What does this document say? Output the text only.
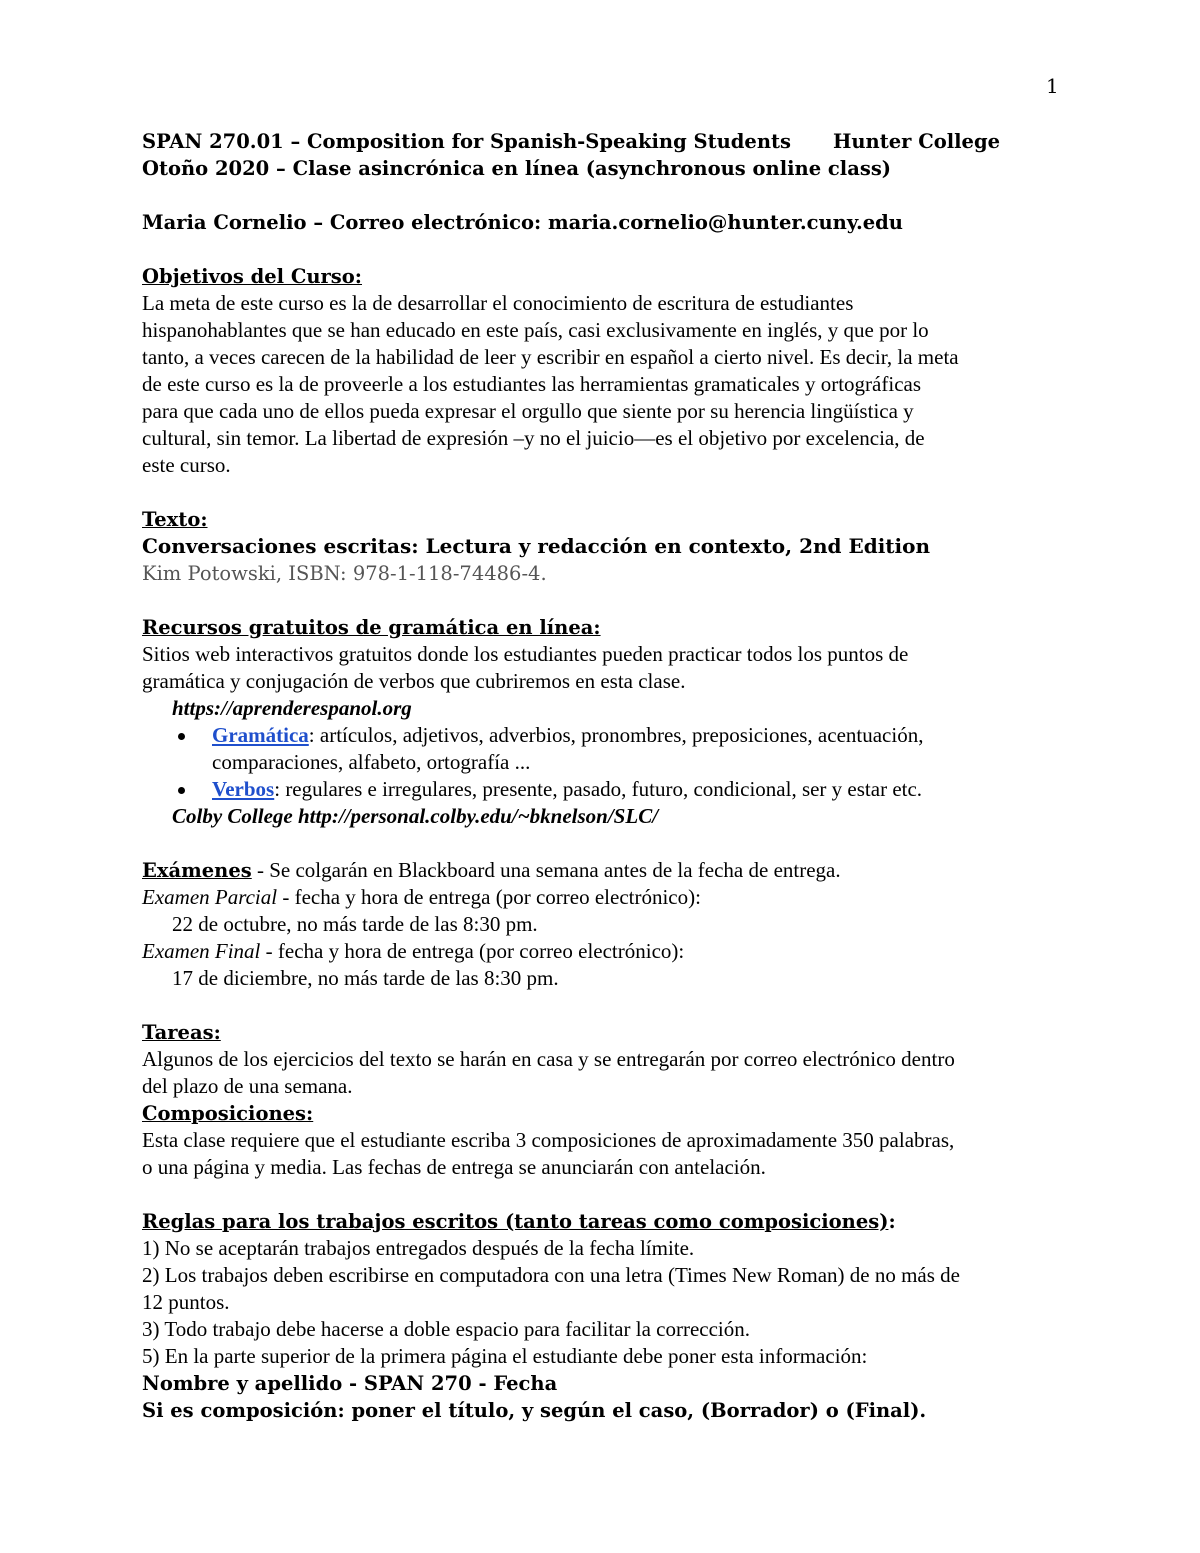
1
SPAN 270.01 – Composition for Spanish-Speaking Students Hunter College
Otoño 2020 – Clase asincrónica en línea (asynchronous online class)
Maria Cornelio – Correo electrónico: maria.cornelio@hunter.cuny.edu
Objetivos del Curso:
La meta de este curso es la de desarrollar el conocimiento de escritura de estudiantes
hispanohablantes que se han educado en este país, casi exclusivamente en inglés, y que por lo
tanto, a veces carecen de la habilidad de leer y escribir en español a cierto nivel. Es decir, la meta
de este curso es la de proveerle a los estudiantes las herramientas gramaticales y ortográficas
para que cada uno de ellos pueda expresar el orgullo que siente por su herencia lingüística y
cultural, sin temor. La libertad de expresión –y no el juicio—es el objetivo por excelencia, de
este curso.
Texto:
Conversaciones escritas: Lectura y redacción en contexto, 2nd Edition
Kim Potowski, ISBN: 978-1-118-74486-4.
Recursos gratuitos de gramática en línea:
Sitios web interactivos gratuitos donde los estudiantes pueden practicar todos los puntos de
gramática y conjugación de verbos que cubriremos en esta clase.
https://aprenderespanol.org
Gramática: artículos, adjetivos, adverbios, pronombres, preposiciones, acentuación,
comparaciones, alfabeto, ortografía ...
Verbos: regulares e irregulares, presente, pasado, futuro, condicional, ser y estar etc.
Colby College http://personal.colby.edu/~bknelson/SLC/
Exámenes - Se colgarán en Blackboard una semana antes de la fecha de entrega.
Examen Parcial - fecha y hora de entrega (por correo electrónico):
22 de octubre, no más tarde de las 8:30 pm.
Examen Final - fecha y hora de entrega (por correo electrónico):
17 de diciembre, no más tarde de las 8:30 pm.
Tareas:
Algunos de los ejercicios del texto se harán en casa y se entregarán por correo electrónico dentro
del plazo de una semana.
Composiciones:
Esta clase requiere que el estudiante escriba 3 composiciones de aproximadamente 350 palabras,
o una página y media. Las fechas de entrega se anunciarán con antelación.
Reglas para los trabajos escritos (tanto tareas como composiciones):
1) No se aceptarán trabajos entregados después de la fecha límite.
2) Los trabajos deben escribirse en computadora con una letra (Times New Roman) de no más de
12 puntos.
3) Todo trabajo debe hacerse a doble espacio para facilitar la corrección.
5) En la parte superior de la primera página el estudiante debe poner esta información:
Nombre y apellido - SPAN 270 - Fecha
Si es composición: poner el título, y según el caso, (Borrador) o (Final).
